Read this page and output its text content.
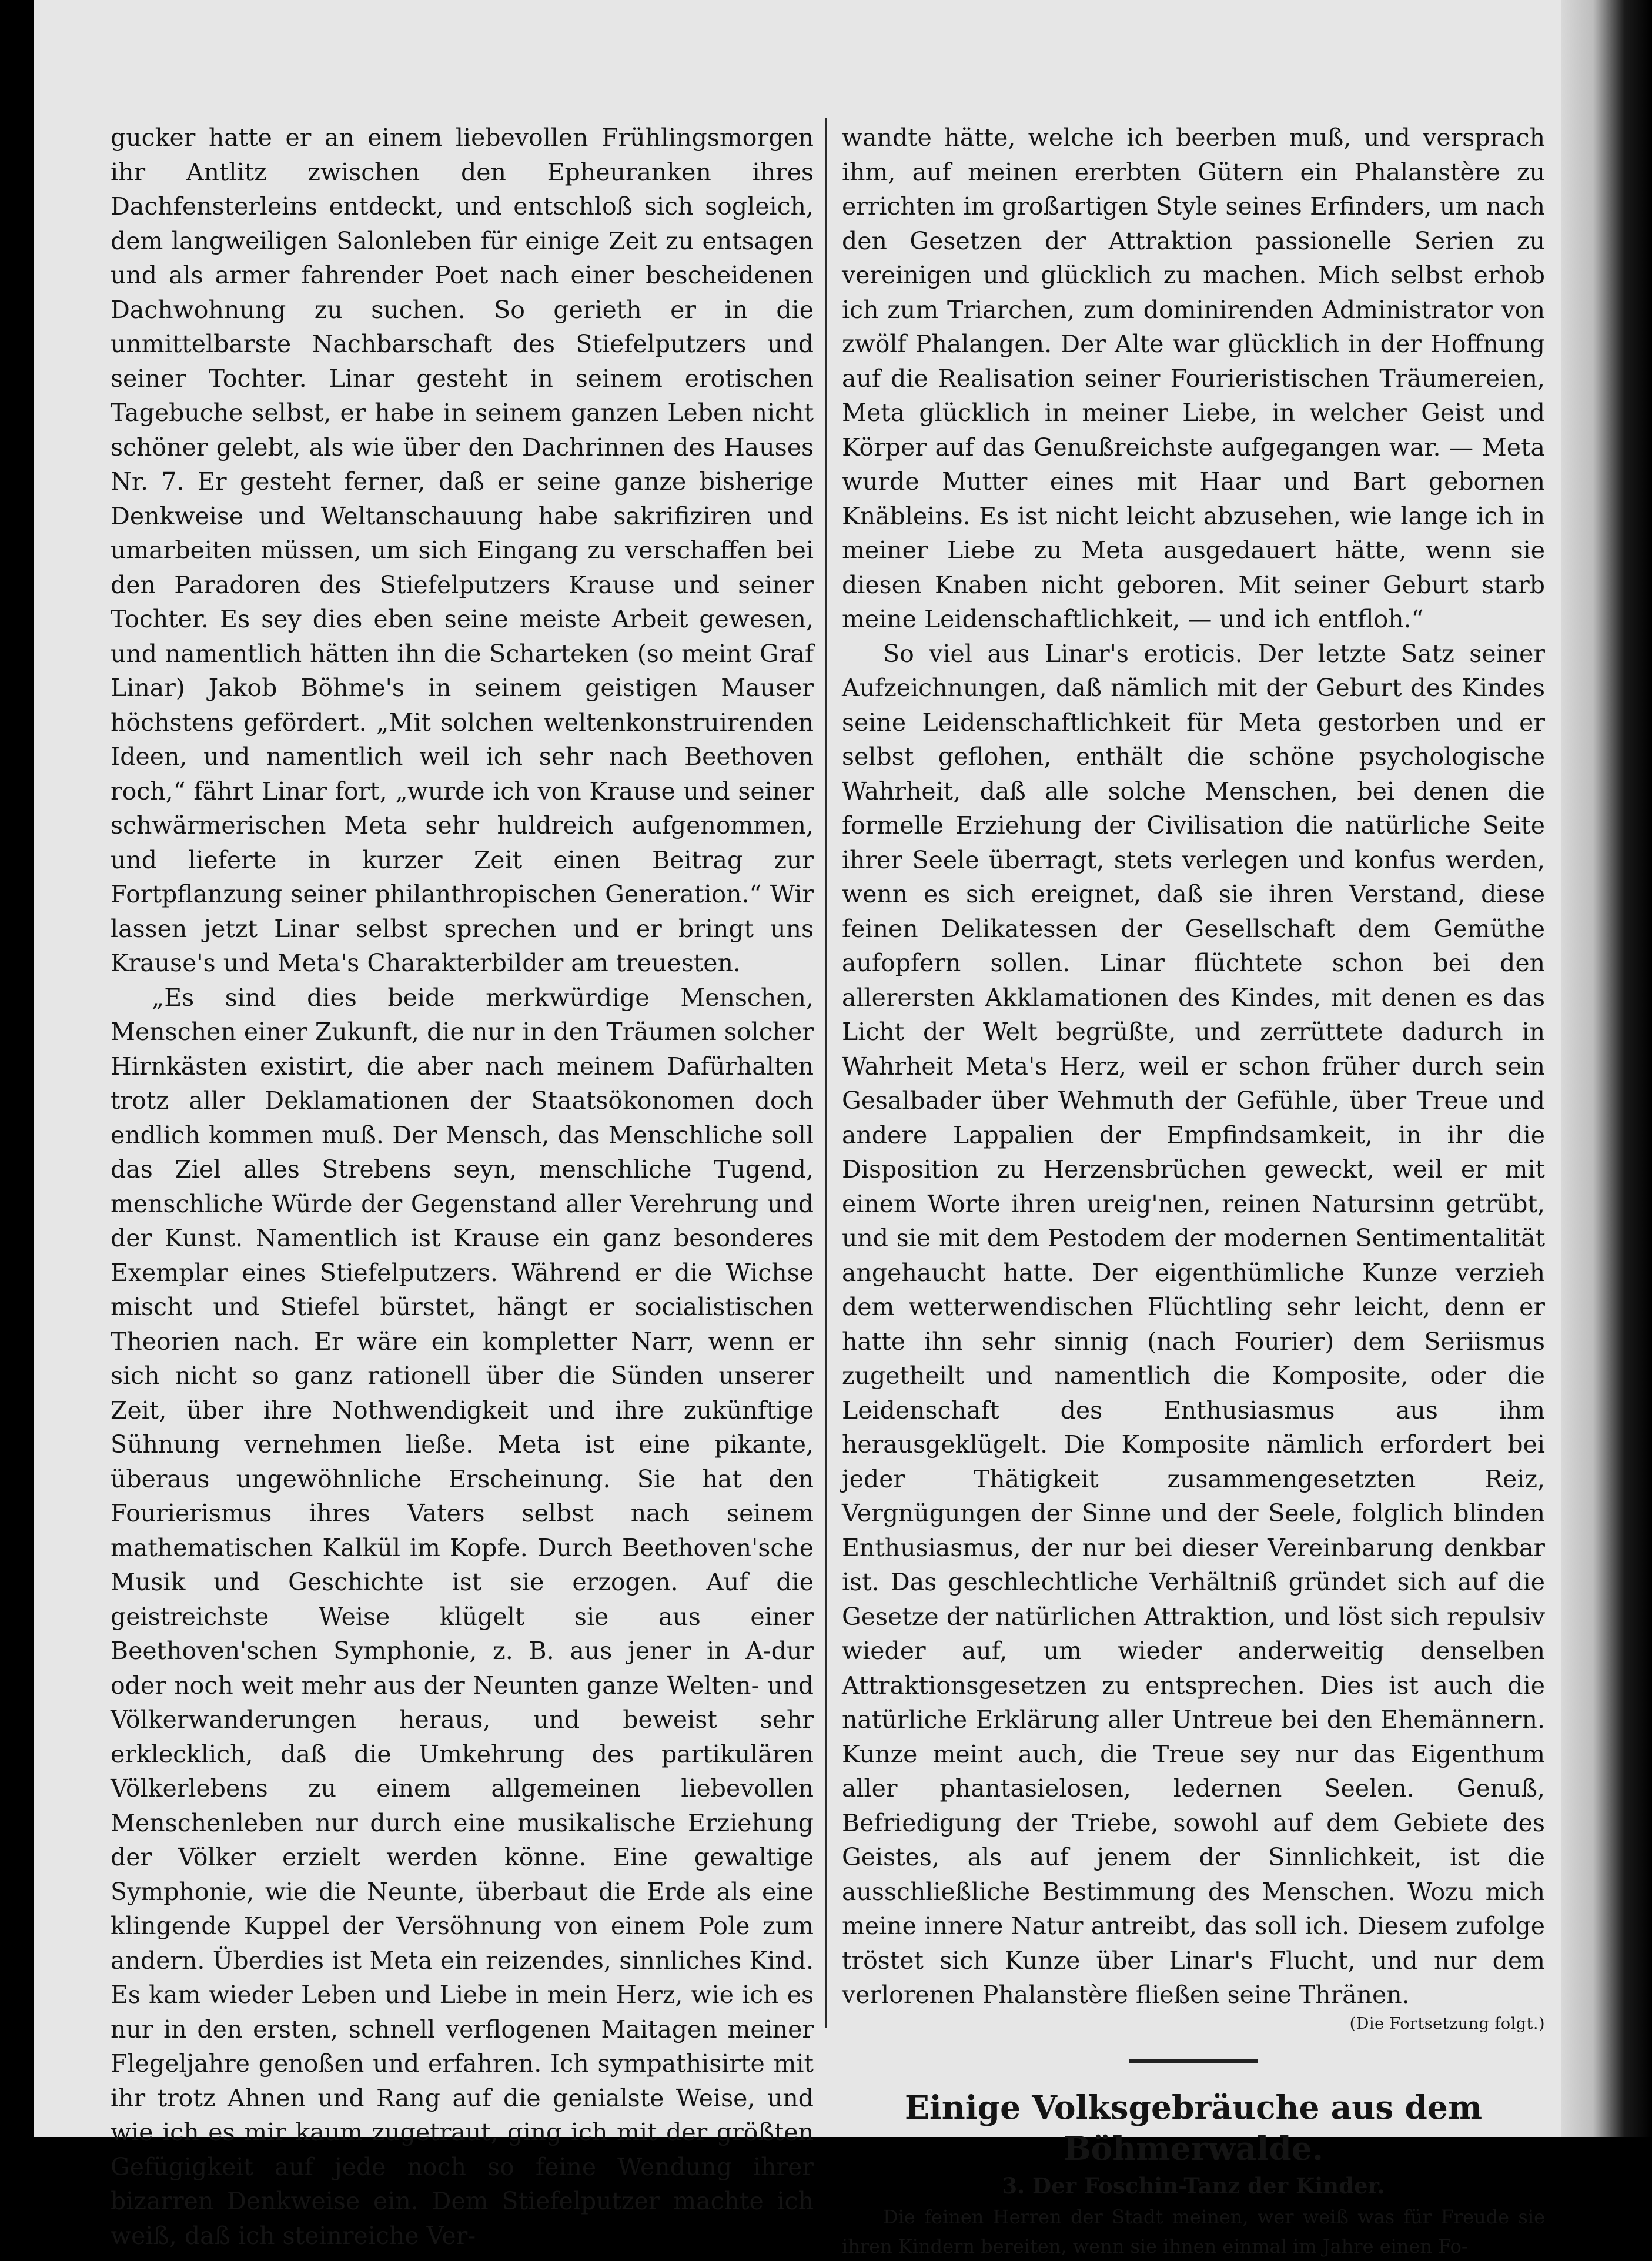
gucker hatte er an einem liebevollen Frühlingsmorgen ihr Antlitz zwischen den Epheuranken ihres Dachfensterleins entdeckt, und entschloß sich sogleich, dem langweiligen Salonleben für einige Zeit zu entsagen und als armer fahrender Poet nach einer bescheidenen Dachwohnung zu suchen. So gerieth er in die unmittelbarste Nachbarschaft des Stiefelputzers und seiner Tochter. Linar gesteht in seinem erotischen Tagebuche selbst, er habe in seinem ganzen Leben nicht schöner gelebt, als wie über den Dachrinnen des Hauses Nr. 7. Er gesteht ferner, daß er seine ganze bisherige Denkweise und Weltanschauung habe sakrifiziren und umarbeiten müssen, um sich Eingang zu verschaffen bei den Paradoren des Stiefelputzers Krause und seiner Tochter. Es sey dies eben seine meiste Arbeit gewesen, und namentlich hätten ihn die Scharteken (so meint Graf Linar) Jakob Böhme's in seinem geistigen Mauser höchstens gefördert. „Mit solchen weltenkonstruirenden Ideen, und namentlich weil ich sehr nach Beethoven roch,“ fährt Linar fort, „wurde ich von Krause und seiner schwärmerischen Meta sehr huldreich aufgenommen, und lieferte in kurzer Zeit einen Beitrag zur Fortpflanzung seiner philanthropischen Generation.“ Wir lassen jetzt Linar selbst sprechen und er bringt uns Krause's und Meta's Charakterbilder am treuesten.

„Es sind dies beide merkwürdige Menschen, Menschen einer Zukunft, die nur in den Träumen solcher Hirnkästen existirt, die aber nach meinem Dafürhalten trotz aller Deklamationen der Staatsökonomen doch endlich kommen muß. Der Mensch, das Menschliche soll das Ziel alles Strebens seyn, menschliche Tugend, menschliche Würde der Gegenstand aller Verehrung und der Kunst. Namentlich ist Krause ein ganz besonderes Exemplar eines Stiefelputzers. Während er die Wichse mischt und Stiefel bürstet, hängt er socialistischen Theorien nach. Er wäre ein kompletter Narr, wenn er sich nicht so ganz rationell über die Sünden unserer Zeit, über ihre Nothwendigkeit und ihre zukünftige Sühnung vernehmen ließe. Meta ist eine pikante, überaus ungewöhnliche Erscheinung. Sie hat den Fourierismus ihres Vaters selbst nach seinem mathematischen Kalkül im Kopfe. Durch Beethoven'sche Musik und Geschichte ist sie erzogen. Auf die geistreichste Weise klügelt sie aus einer Beethoven'schen Symphonie, z. B. aus jener in A-dur oder noch weit mehr aus der Neunten ganze Welten- und Völkerwanderungen heraus, und beweist sehr erklecklich, daß die Umkehrung des partikulären Völkerlebens zu einem allgemeinen liebevollen Menschenleben nur durch eine musikalische Erziehung der Völker erzielt werden könne. Eine gewaltige Symphonie, wie die Neunte, überbaut die Erde als eine klingende Kuppel der Versöhnung von einem Pole zum andern. Überdies ist Meta ein reizendes, sinnliches Kind. Es kam wieder Leben und Liebe in mein Herz, wie ich es nur in den ersten, schnell verflogenen Maitagen meiner Flegeljahre genoßen und erfahren. Ich sympathisirte mit ihr trotz Ahnen und Rang auf die genialste Weise, und wie ich es mir kaum zugetraut, ging ich mit der größten Gefügigkeit auf jede noch so feine Wendung ihrer bizarren Denkweise ein. Dem Stiefelputzer machte ich weiß, daß ich steinreiche Ver-

wandte hätte, welche ich beerben muß, und versprach ihm, auf meinen ererbten Gütern ein Phalanstère zu errichten im großartigen Style seines Erfinders, um nach den Gesetzen der Attraktion passionelle Serien zu vereinigen und glücklich zu machen. Mich selbst erhob ich zum Triarchen, zum dominirenden Administrator von zwölf Phalangen. Der Alte war glücklich in der Hoffnung auf die Realisation seiner Fourieristischen Träumereien, Meta glücklich in meiner Liebe, in welcher Geist und Körper auf das Genußreichste aufgegangen war. — Meta wurde Mutter eines mit Haar und Bart gebornen Knäbleins. Es ist nicht leicht abzusehen, wie lange ich in meiner Liebe zu Meta ausgedauert hätte, wenn sie diesen Knaben nicht geboren. Mit seiner Geburt starb meine Leidenschaftlichkeit, — und ich entfloh.“

So viel aus Linar's eroticis. Der letzte Satz seiner Aufzeichnungen, daß nämlich mit der Geburt des Kindes seine Leidenschaftlichkeit für Meta gestorben und er selbst geflohen, enthält die schöne psychologische Wahrheit, daß alle solche Menschen, bei denen die formelle Erziehung der Civilisation die natürliche Seite ihrer Seele überragt, stets verlegen und konfus werden, wenn es sich ereignet, daß sie ihren Verstand, diese feinen Delikatessen der Gesellschaft dem Gemüthe aufopfern sollen. Linar flüchtete schon bei den allerersten Akklamationen des Kindes, mit denen es das Licht der Welt begrüßte, und zerrüttete dadurch in Wahrheit Meta's Herz, weil er schon früher durch sein Gesalbader über Wehmuth der Gefühle, über Treue und andere Lappalien der Empfindsamkeit, in ihr die Disposition zu Herzensbrüchen geweckt, weil er mit einem Worte ihren ureig'nen, reinen Natursinn getrübt, und sie mit dem Pestodem der modernen Sentimentalität angehaucht hatte. Der eigenthümliche Kunze verzieh dem wetterwendischen Flüchtling sehr leicht, denn er hatte ihn sehr sinnig (nach Fourier) dem Seriismus zugetheilt und namentlich die Komposite, oder die Leidenschaft des Enthusiasmus aus ihm herausgeklügelt. Die Komposite nämlich erfordert bei jeder Thätigkeit zusammengesetzten Reiz, Vergnügungen der Sinne und der Seele, folglich blinden Enthusiasmus, der nur bei dieser Vereinbarung denkbar ist. Das geschlechtliche Verhältniß gründet sich auf die Gesetze der natürlichen Attraktion, und löst sich repulsiv wieder auf, um wieder anderweitig denselben Attraktionsgesetzen zu entsprechen. Dies ist auch die natürliche Erklärung aller Untreue bei den Ehemännern. Kunze meint auch, die Treue sey nur das Eigenthum aller phantasielosen, ledernen Seelen. Genuß, Befriedigung der Triebe, sowohl auf dem Gebiete des Geistes, als auf jenem der Sinnlichkeit, ist die ausschließliche Bestimmung des Menschen. Wozu mich meine innere Natur antreibt, das soll ich. Diesem zufolge tröstet sich Kunze über Linar's Flucht, und nur dem verlorenen Phalanstère fließen seine Thränen.

(Die Fortsetzung folgt.)

Einige Volksgebräuche aus dem Böhmerwalde.

3. Der Foschin-Tanz der Kinder.

Die feinen Herren der Stadt meinen, wer weiß was für Freude sie ihren Kindern bereiten, wenn sie ihnen einmal im Jahre einen Fo-
